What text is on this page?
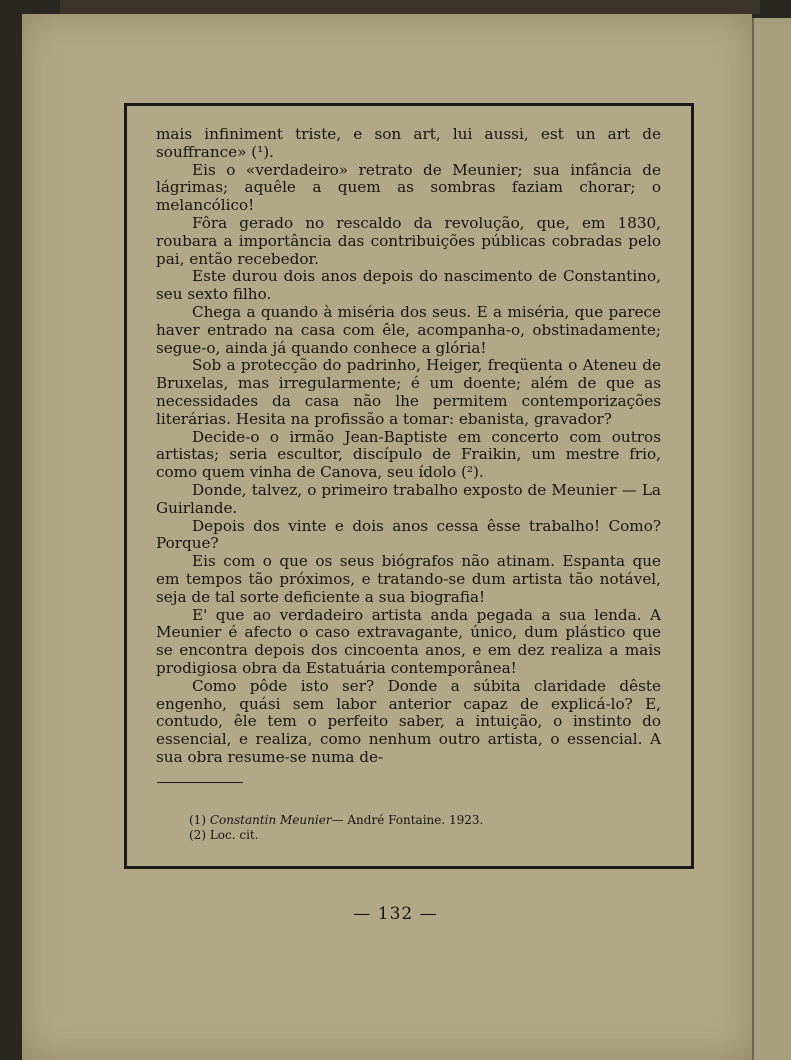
mais infiniment triste, e son art, lui aussi, est un art de souffrance» (¹).

Eis o «verdadeiro» retrato de Meunier; sua infância de lágrimas; aquêle a quem as sombras faziam chorar; o melancólico!

Fôra gerado no rescaldo da revolução, que, em 1830, roubara a importância das contribuições públicas cobradas pelo pai, então recebedor.

Este durou dois anos depois do nascimento de Constantino, seu sexto filho.

Chega a quando à miséria dos seus. E a miséria, que parece haver entrado na casa com êle, acompanha-o, obstinadamente; segue-o, ainda já quando conhece a glória!

Sob a protecção do padrinho, Heiger, freqüenta o Ateneu de Bruxelas, mas irregularmente; é um doente; além de que as necessidades da casa não lhe permitem contemporizações literárias. Hesita na profissão a tomar: ebanista, gravador?

Decide-o o irmão Jean-Baptiste em concerto com outros artistas; seria escultor, discípulo de Fraikin, um mestre frio, como quem vinha de Canova, seu ídolo (²).

Donde, talvez, o primeiro trabalho exposto de Meunier — La Guirlande.

Depois dos vinte e dois anos cessa êsse trabalho! Como? Porque?

Eis com o que os seus biógrafos não atinam. Espanta que em tempos tão próximos, e tratando-se dum artista tão notável, seja de tal sorte deficiente a sua biografia!

E' que ao verdadeiro artista anda pegada a sua lenda. A Meunier é afecto o caso extravagante, único, dum plástico que se encontra depois dos cincoenta anos, e em dez realiza a mais prodigiosa obra da Estatuária contemporânea!

Como pôde isto ser? Donde a súbita claridade dêste engenho, quási sem labor anterior capaz de explicá-lo? E, contudo, êle tem o perfeito saber, a intuição, o instinto do essencial, e realiza, como nenhum outro artista, o essencial. A sua obra resume-se numa de-

(1) Constantin Meunier— André Fontaine. 1923.
(2) Loc. cit.
— 132 —
